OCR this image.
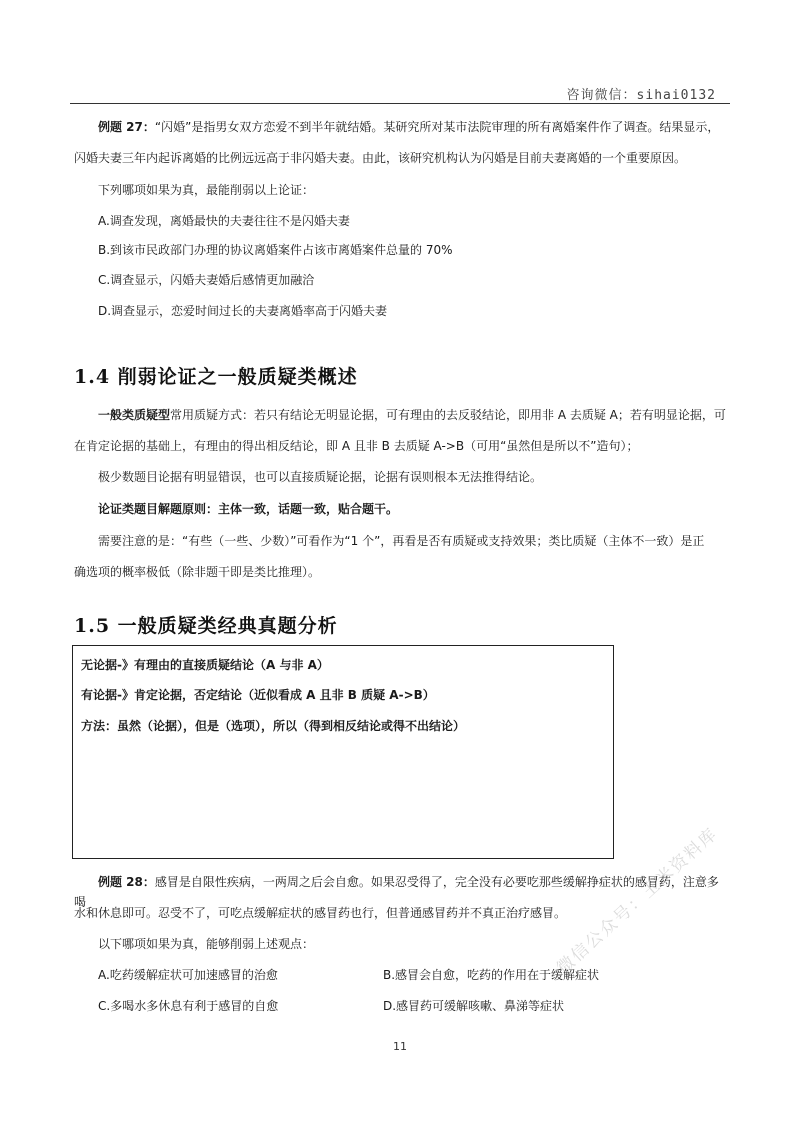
咨询微信：sihai0132
例题 27：“闪婚”是指男女双方恋爱不到半年就结婚。某研究所对某市法院审理的所有离婚案件作了调查。结果显示，
闪婚夫妻三年内起诉离婚的比例远远高于非闪婚夫妻。由此，该研究机构认为闪婚是目前夫妻离婚的一个重要原因。
下列哪项如果为真，最能削弱以上论证：
A.调查发现，离婚最快的夫妻往往不是闪婚夫妻
B.到该市民政部门办理的协议离婚案件占该市离婚案件总量的 70%
C.调查显示，闪婚夫妻婚后感情更加融洽
D.调查显示，恋爱时间过长的夫妻离婚率高于闪婚夫妻
1.4 削弱论证之一般质疑类概述
一般类质疑型常用质疑方式：若只有结论无明显论据，可有理由的去反驳结论，即用非 A 去质疑 A；若有明显论据，可
在肯定论据的基础上，有理由的得出相反结论，即 A 且非 B 去质疑 A->B（可用“虽然但是所以不”造句）；
极少数题目论据有明显错误，也可以直接质疑论据，论据有误则根本无法推得结论。
论证类题目解题原则：主体一致，话题一致，贴合题干。
需要注意的是：“有些（一些、少数）”可看作为“1 个”，再看是否有质疑或支持效果；类比质疑（主体不一致）是正
确选项的概率极低（除非题干即是类比推理）。
1.5 一般质疑类经典真题分析
无论据-》有理由的直接质疑结论（A 与非 A）
有论据-》肯定论据，否定结论（近似看成 A 且非 B 质疑 A->B）
方法：虽然（论据），但是（选项），所以（得到相反结论或得不出结论）
例题 28：感冒是自限性疾病，一两周之后会自愈。如果忍受得了，完全没有必要吃那些缓解挣症状的感冒药，注意多喝
水和休息即可。忍受不了，可吃点缓解症状的感冒药也行，但普通感冒药并不真正治疗感冒。
以下哪项如果为真，能够削弱上述观点：
A.吃药缓解症状可加速感冒的治愈	B.感冒会自愈，吃药的作用在于缓解症状
C.多喝水多休息有利于感冒的自愈	D.感冒药可缓解咳嗽、鼻涕等症状
11
微信公众号：玉米资料库
